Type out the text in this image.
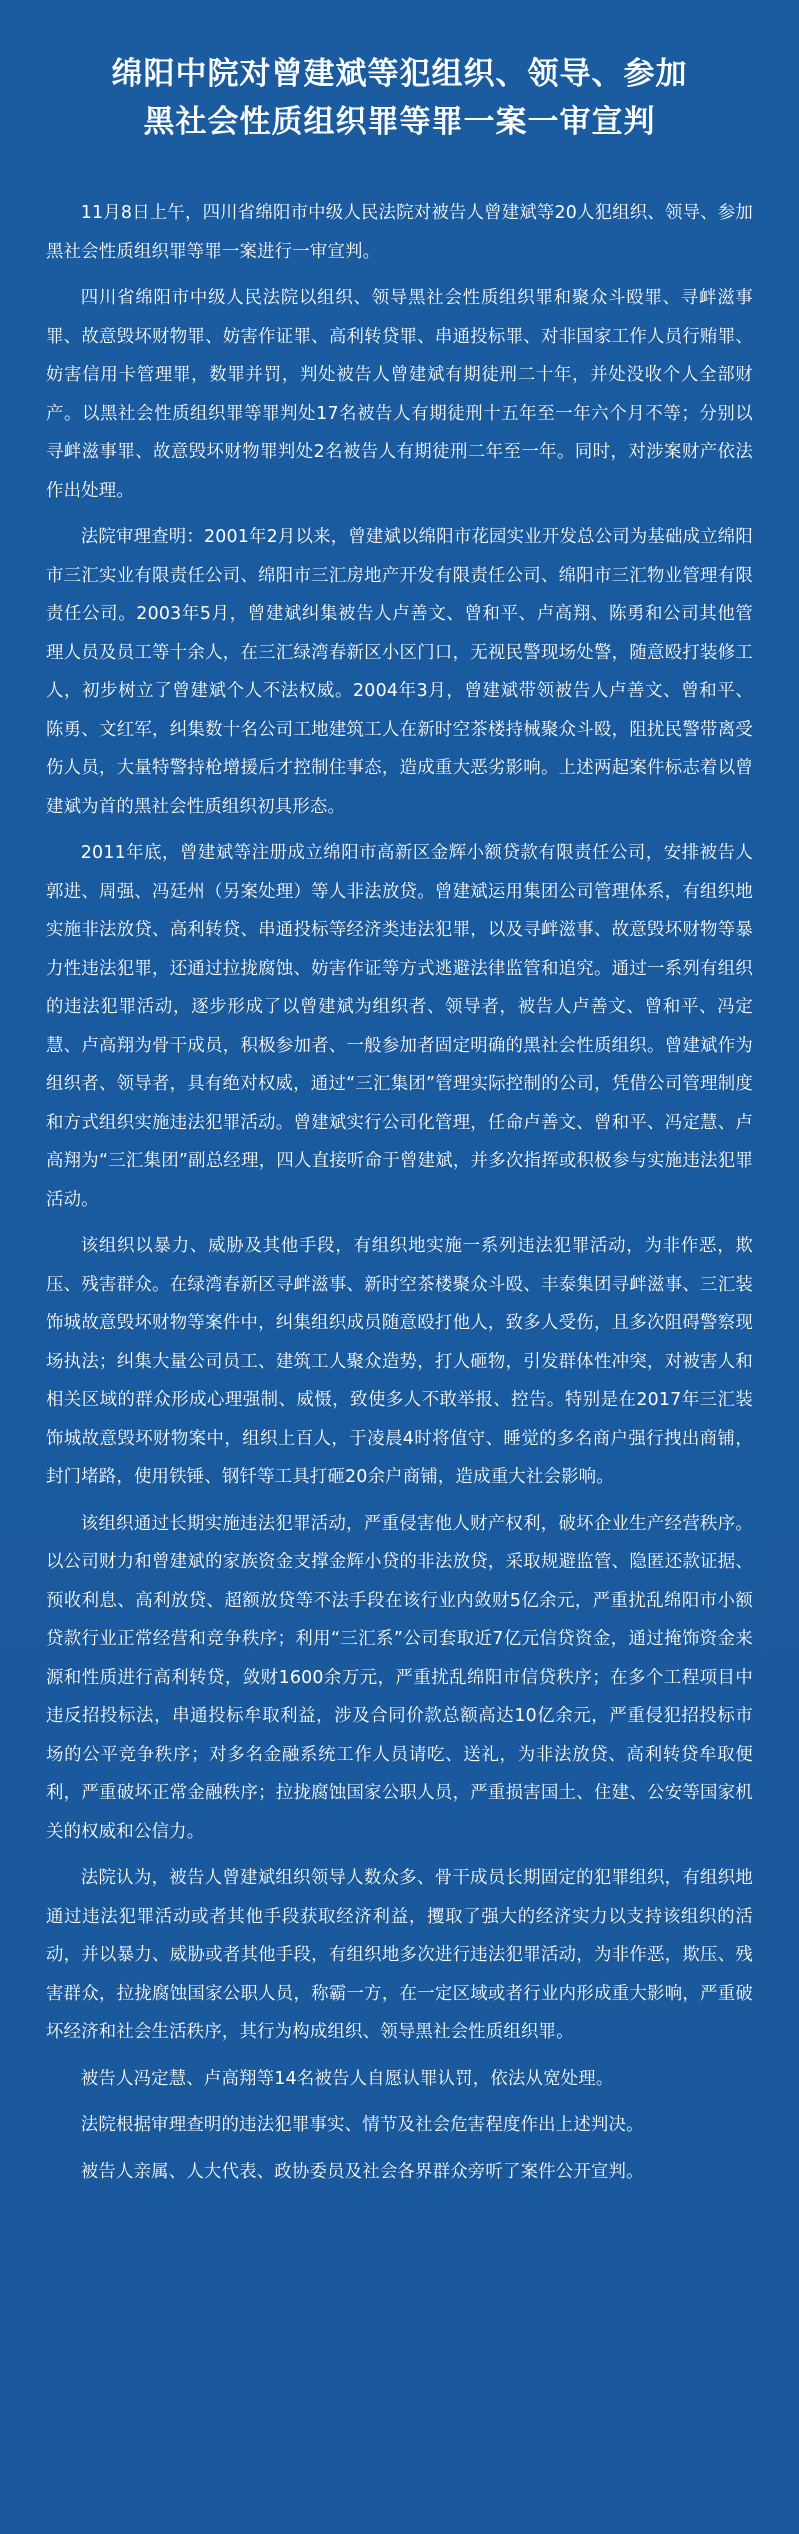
绵阳中院对曾建斌等犯组织、领导、参加
黑社会性质组织罪等罪一案一审宣判

11月8日上午，四川省绵阳市中级人民法院对被告人曾建斌等20人犯组织、领导、参加黑社会性质组织罪等罪一案进行一审宣判。

四川省绵阳市中级人民法院以组织、领导黑社会性质组织罪和聚众斗殴罪、寻衅滋事罪、故意毁坏财物罪、妨害作证罪、高利转贷罪、串通投标罪、对非国家工作人员行贿罪、妨害信用卡管理罪，数罪并罚，判处被告人曾建斌有期徒刑二十年，并处没收个人全部财产。以黑社会性质组织罪等罪判处17名被告人有期徒刑十五年至一年六个月不等；分别以寻衅滋事罪、故意毁坏财物罪判处2名被告人有期徒刑二年至一年。同时，对涉案财产依法作出处理。

法院审理查明：2001年2月以来，曾建斌以绵阳市花园实业开发总公司为基础成立绵阳市三汇实业有限责任公司、绵阳市三汇房地产开发有限责任公司、绵阳市三汇物业管理有限责任公司。2003年5月，曾建斌纠集被告人卢善文、曾和平、卢高翔、陈勇和公司其他管理人员及员工等十余人，在三汇绿湾春新区小区门口，无视民警现场处警，随意殴打装修工人，初步树立了曾建斌个人不法权威。2004年3月，曾建斌带领被告人卢善文、曾和平、陈勇、文红军，纠集数十名公司工地建筑工人在新时空茶楼持械聚众斗殴，阻扰民警带离受伤人员，大量特警持枪增援后才控制住事态，造成重大恶劣影响。上述两起案件标志着以曾建斌为首的黑社会性质组织初具形态。

2011年底，曾建斌等注册成立绵阳市高新区金辉小额贷款有限责任公司，安排被告人郭进、周强、冯廷州（另案处理）等人非法放贷。曾建斌运用集团公司管理体系，有组织地实施非法放贷、高利转贷、串通投标等经济类违法犯罪，以及寻衅滋事、故意毁坏财物等暴力性违法犯罪，还通过拉拢腐蚀、妨害作证等方式逃避法律监管和追究。通过一系列有组织的违法犯罪活动，逐步形成了以曾建斌为组织者、领导者，被告人卢善文、曾和平、冯定慧、卢高翔为骨干成员，积极参加者、一般参加者固定明确的黑社会性质组织。曾建斌作为组织者、领导者，具有绝对权威，通过“三汇集团”管理实际控制的公司，凭借公司管理制度和方式组织实施违法犯罪活动。曾建斌实行公司化管理，任命卢善文、曾和平、冯定慧、卢高翔为“三汇集团”副总经理，四人直接听命于曾建斌，并多次指挥或积极参与实施违法犯罪活动。

该组织以暴力、威胁及其他手段，有组织地实施一系列违法犯罪活动，为非作恶，欺压、残害群众。在绿湾春新区寻衅滋事、新时空茶楼聚众斗殴、丰泰集团寻衅滋事、三汇装饰城故意毁坏财物等案件中，纠集组织成员随意殴打他人，致多人受伤，且多次阻碍警察现场执法；纠集大量公司员工、建筑工人聚众造势，打人砸物，引发群体性冲突，对被害人和相关区域的群众形成心理强制、威慑，致使多人不敢举报、控告。特别是在2017年三汇装饰城故意毁坏财物案中，组织上百人，于凌晨4时将值守、睡觉的多名商户强行拽出商铺，封门堵路，使用铁锤、钢钎等工具打砸20余户商铺，造成重大社会影响。

该组织通过长期实施违法犯罪活动，严重侵害他人财产权利，破坏企业生产经营秩序。以公司财力和曾建斌的家族资金支撑金辉小贷的非法放贷，采取规避监管、隐匿还款证据、预收利息、高利放贷、超额放贷等不法手段在该行业内敛财5亿余元，严重扰乱绵阳市小额贷款行业正常经营和竞争秩序；利用“三汇系”公司套取近7亿元信贷资金，通过掩饰资金来源和性质进行高利转贷，敛财1600余万元，严重扰乱绵阳市信贷秩序；在多个工程项目中违反招投标法，串通投标牟取利益，涉及合同价款总额高达10亿余元，严重侵犯招投标市场的公平竞争秩序；对多名金融系统工作人员请吃、送礼，为非法放贷、高利转贷牟取便利，严重破坏正常金融秩序；拉拢腐蚀国家公职人员，严重损害国土、住建、公安等国家机关的权威和公信力。

法院认为，被告人曾建斌组织领导人数众多、骨干成员长期固定的犯罪组织，有组织地通过违法犯罪活动或者其他手段获取经济利益，攫取了强大的经济实力以支持该组织的活动，并以暴力、威胁或者其他手段，有组织地多次进行违法犯罪活动，为非作恶，欺压、残害群众，拉拢腐蚀国家公职人员，称霸一方，在一定区域或者行业内形成重大影响，严重破坏经济和社会生活秩序，其行为构成组织、领导黑社会性质组织罪。

被告人冯定慧、卢高翔等14名被告人自愿认罪认罚，依法从宽处理。

法院根据审理查明的违法犯罪事实、情节及社会危害程度作出上述判决。

被告人亲属、人大代表、政协委员及社会各界群众旁听了案件公开宣判。
